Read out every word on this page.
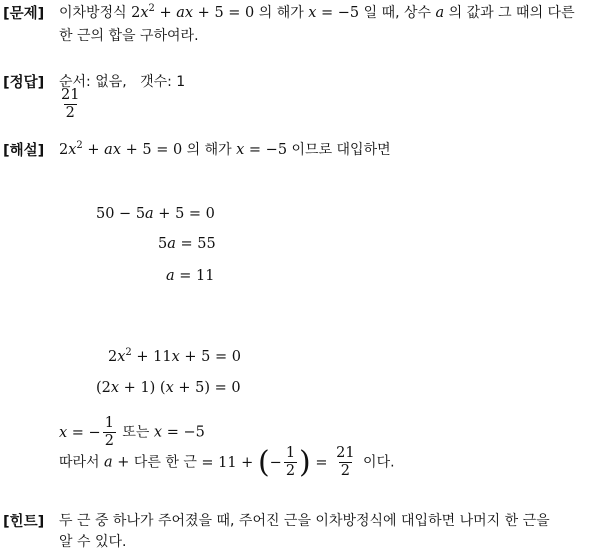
[문제] 이차방정식 $2x^2$ + ax + 5 = 0 의 해가 x = −5 일 때, 상수 a 의 값과 그 때의 다른
한 근의 합을 구하여라.
[정답] 순서: 없음, 갯수: 1
$\frac{21}{2}$
[해설] $2x^2$ + ax + 5 = 0 의 해가 x = −5 이므로 대입하면
50 − 5a + 5 = 0
5a = 55
a = 11
$2x^2 + 11x + 5 = 0$
(2x + 1) (x + 5) = 0
x = − $\frac{1}{2}$ 또는 x = −5
따라서 a + 다른 한 근 = 11 + (− $\frac{1}{2}$ ) = $\frac{21}{2}$ 이다.
[힌트] 두 근 중 하나가 주어졌을 때, 주어진 근을 이차방정식에 대입하면 나머지 한 근을
알 수 있다.
